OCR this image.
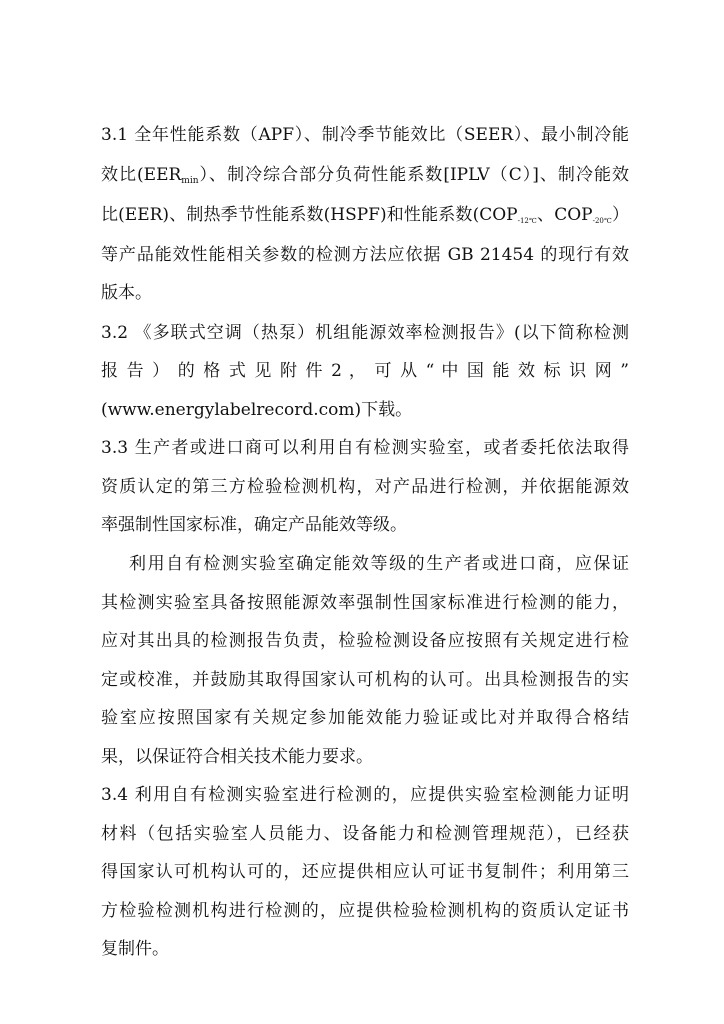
3.1 全年性能系数（APF）、制冷季节能效比（SEER）、最小制冷能
效比$(EER_{min})$、制冷综合部分负荷性能系数[IPLV（C）]、制冷能效
比(EER)、制热季节性能系数(HSPF)和性能系数(COP-12℃、COP-20℃）
等产品能效性能相关参数的检测方法应依据 GB 21454 的现行有效
版本。
3.2 《多联式空调（热泵）机组能源效率检测报告》(以下简称检测
报 告 ） 的 格 式 见 附 件 2 ， 可 从 “ 中 国 能 效 标 识 网 ”
(www.energylabelrecord.com)下载。
3.3 生产者或进口商可以利用自有检测实验室，或者委托依法取得
资质认定的第三方检验检测机构，对产品进行检测，并依据能源效
率强制性国家标准，确定产品能效等级。
利用自有检测实验室确定能效等级的生产者或进口商，应保证
其检测实验室具备按照能源效率强制性国家标准进行检测的能力，
应对其出具的检测报告负责，检验检测设备应按照有关规定进行检
定或校准，并鼓励其取得国家认可机构的认可。出具检测报告的实
验室应按照国家有关规定参加能效能力验证或比对并取得合格结
果，以保证符合相关技术能力要求。
3.4 利用自有检测实验室进行检测的，应提供实验室检测能力证明
材料（包括实验室人员能力、设备能力和检测管理规范），已经获
得国家认可机构认可的，还应提供相应认可证书复制件；利用第三
方检验检测机构进行检测的，应提供检验检测机构的资质认定证书
复制件。
